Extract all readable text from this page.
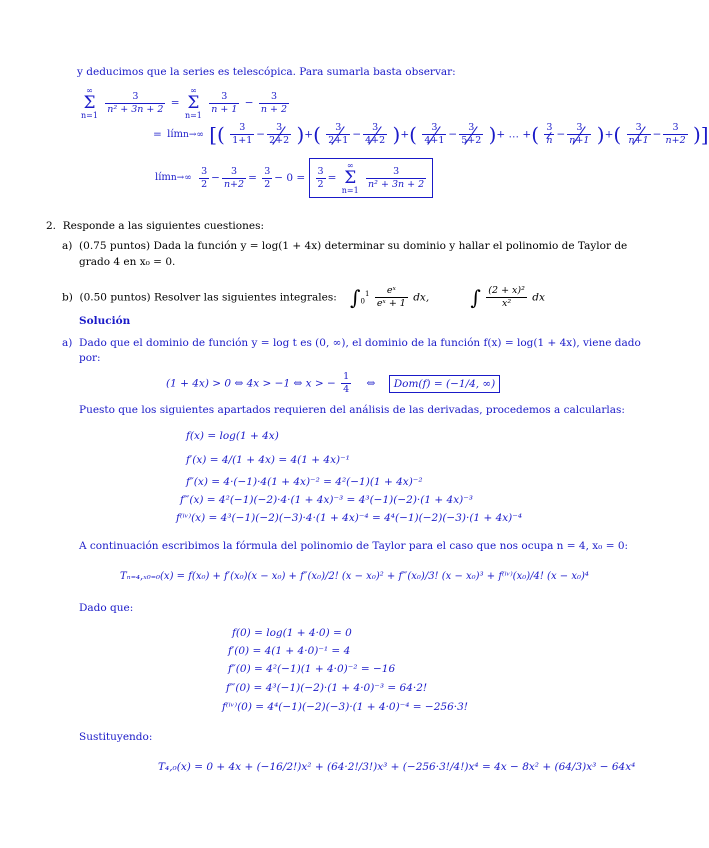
y deducimos que la series es telescópica. Para sumarla basta observar:
∞
Σ
$n=1 \frac{3}{\text{n² + 3n + 2}}$ = ∞
Σ
$n=1 \frac{3}{n + 1} - \frac{3}{n + 2}$
= límn→∞ [( $\frac{3}{1+1} - \frac{3}{2+2}$ )+( $\frac{3}{2+1} - \frac{3}{4+2}$ )+( $\frac{3}{4+1} - \frac{3}{5+2}$ )+ … +( $\frac{3}{n} - \frac{3}{n+1}$ )+( $\frac{3}{n+1} - \frac{3}{n+2}$ )]
límn→∞ $\frac{3}{2} - \frac{3}{n+2} = \frac{3}{2} - 0 = \frac{3}{2}$ = ∞
Σ
$n=1 \frac{3}{\text{n² + 3n + 2}}$
2. Responde a las siguientes cuestiones:
a) (0.75 puntos) Dada la función y = log(1 + 4x) determinar su dominio y hallar el polinomio de Taylor de
grado 4 en x₀ = 0.
b) (0.50 puntos) Resolver las siguientes integrales: $\int_0^1 \frac{\text{eˣ}}{\text{eˣ + 1}}$ dx, ∫ $\frac{\text{(2 + x)²}}{\text{x²}}$ dx
Solución
a) Dado que el dominio de función y = log t es (0, ∞), el dominio de la función f(x) = log(1 + 4x), viene dado
por:
(1 + 4x) > 0 ⇔ 4x > −1 ⇔ x > − $\frac{1}{4}$ ⇔ Dom(f) = (−1/4, ∞)
Puesto que los siguientes apartados requieren del análisis de las derivadas, procedemos a calcularlas:
f(x) = log(1 + 4x)
f′(x) = 4/(1 + 4x) = 4(1 + 4x)⁻¹
f″(x) = 4·(−1)·4(1 + 4x)⁻² = 4²(−1)(1 + 4x)⁻²
f‴(x) = 4²(−1)(−2)·4·(1 + 4x)⁻³ = 4³(−1)(−2)·(1 + 4x)⁻³
f⁽ⁱᵛ⁾(x) = 4³(−1)(−2)(−3)·4·(1 + 4x)⁻⁴ = 4⁴(−1)(−2)(−3)·(1 + 4x)⁻⁴
A continuación escribimos la fórmula del polinomio de Taylor para el caso que nos ocupa n = 4, x₀ = 0:
Tₙ₌₄,ₓ₀₌₀(x) = f(x₀) + f′(x₀)(x − x₀) + f″(x₀)/2! (x − x₀)² + f‴(x₀)/3! (x − x₀)³ + f⁽ⁱᵛ⁾(x₀)/4! (x − x₀)⁴
Dado que:
f(0) = log(1 + 4·0) = 0
f′(0) = 4(1 + 4·0)⁻¹ = 4
f″(0) = 4²(−1)(1 + 4·0)⁻² = −16
f‴(0) = 4³(−1)(−2)·(1 + 4·0)⁻³ = 64·2!
f⁽ⁱᵛ⁾(0) = 4⁴(−1)(−2)(−3)·(1 + 4·0)⁻⁴ = −256·3!
Sustituyendo:
T₄,₀(x) = 0 + 4x + (−16/2!)x² + (64·2!/3!)x³ + (−256·3!/4!)x⁴ = 4x − 8x² + (64/3)x³ − 64x⁴
